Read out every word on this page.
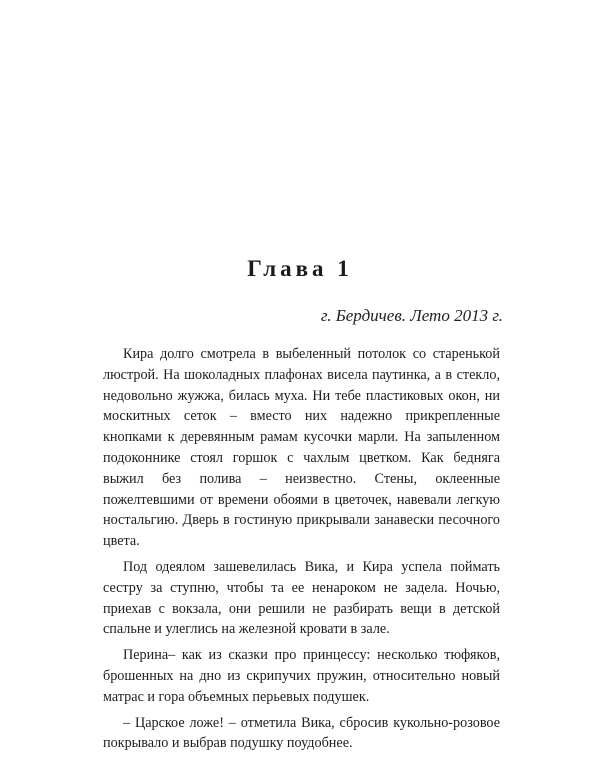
Глава 1

г. Бердичев. Лето 2013 г.

Кира долго смотрела в выбеленный потолок со старенькой люстрой. На шоколадных плафонах висела паутинка, а в стекло, недовольно жужжа, билась муха. Ни тебе пластиковых окон, ни москитных сеток – вместо них надежно прикрепленные кнопками к деревянным рамам кусочки марли. На запыленном подоконнике стоял горшок с чахлым цветком. Как бедняга выжил без полива – неизвестно. Стены, оклеенные пожелтевшими от времени обоями в цветочек, навевали легкую ностальгию. Дверь в гостиную прикрывали занавески песочного цвета.

Под одеялом зашевелилась Вика, и Кира успела поймать сестру за ступню, чтобы та ее ненароком не задела. Ночью, приехав с вокзала, они решили не разбирать вещи в детской спальне и улеглись на железной кровати в зале.

Перина– как из сказки про принцессу: несколько тюфяков, брошенных на дно из скрипучих пружин, относительно новый матрас и гора объемных перьевых подушек.

– Царское ложе! – отметила Вика, сбросив кукольно-розовое покрывало и выбрав подушку поудобнее.
